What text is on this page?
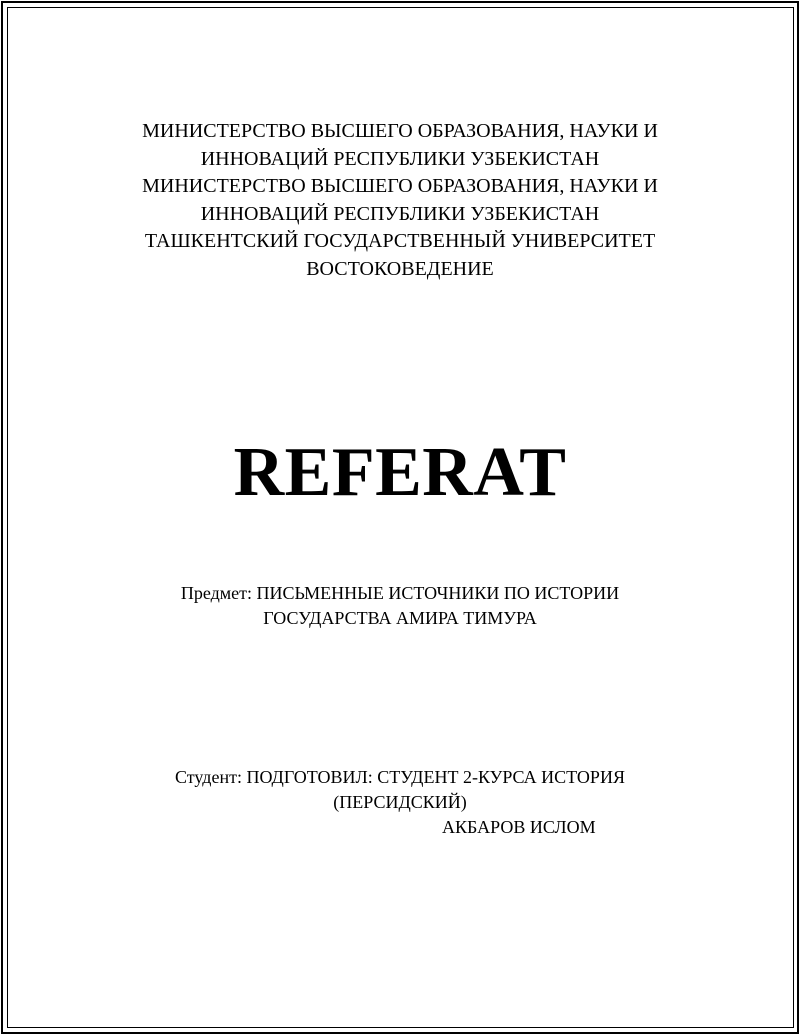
МИНИСТЕРСТВО ВЫСШЕГО ОБРАЗОВАНИЯ, НАУКИ И
ИННОВАЦИЙ РЕСПУБЛИКИ УЗБЕКИСТАН
МИНИСТЕРСТВО ВЫСШЕГО ОБРАЗОВАНИЯ, НАУКИ И
ИННОВАЦИЙ РЕСПУБЛИКИ УЗБЕКИСТАН
ТАШКЕНТСКИЙ ГОСУДАРСТВЕННЫЙ УНИВЕРСИТЕТ
ВОСТОКОВЕДЕНИЕ
REFERAT
Предмет: ПИСЬМЕННЫЕ ИСТОЧНИКИ ПО ИСТОРИИ
ГОСУДАРСТВА АМИРА ТИМУРА
Студент: ПОДГОТОВИЛ: СТУДЕНТ 2-КУРСА ИСТОРИЯ
(ПЕРСИДСКИЙ)
АКБАРОВ ИСЛОМ
